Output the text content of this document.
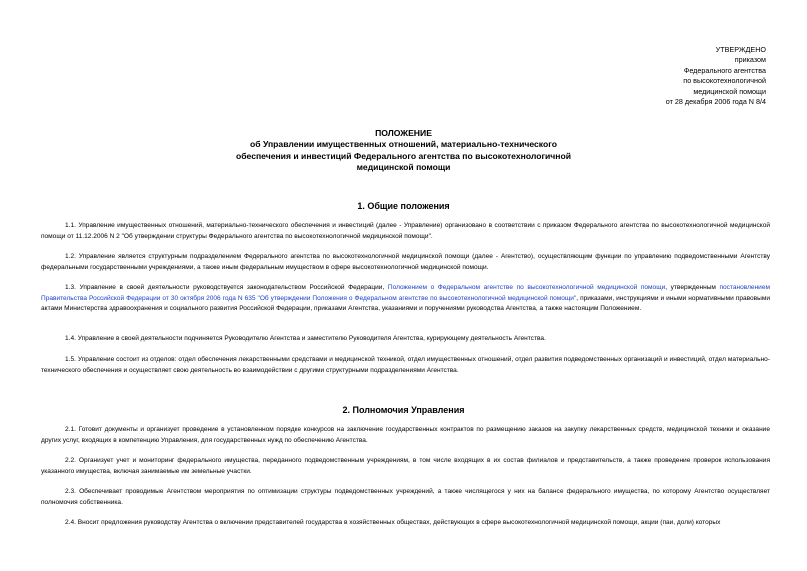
УТВЕРЖДЕНО
приказом
Федерального агентства
по высокотехнологичной
медицинской помощи
от 28 декабря 2006 года N 8/4
ПОЛОЖЕНИЕ
об Управлении имущественных отношений, материально-технического
обеспечения и инвестиций Федерального агентства по высокотехнологичной
медицинской помощи
1. Общие положения
1.1. Управление имущественных отношений, материально-технического обеспечения и инвестиций (далее - Управление) организовано в соответствии с приказом Федерального агентства по высокотехнологичной медицинской помощи от 11.12.2006 N 2 "Об утверждении структуры Федерального агентства по высокотехнологичной медицинской помощи".
1.2. Управление является структурным подразделением Федерального агентства по высокотехнологичной медицинской помощи (далее - Агентство), осуществляющим функции по управлению подведомственными Агентству федеральными государственными учреждениями, а также иным федеральным имуществом в сфере высокотехнологичной медицинской помощи.
1.3. Управление в своей деятельности руководствуется законодательством Российской Федерации, Положением о Федеральном агентстве по высокотехнологичной медицинской помощи, утвержденным постановлением Правительства Российской Федерации от 30 октября 2006 года N 635 "Об утверждении Положения о Федеральном агентстве по высокотехнологичной медицинской помощи", приказами, инструкциями и иными нормативными правовыми актами Министерства здравоохранения и социального развития Российской Федерации, приказами Агентства, указаниями и поручениями руководства Агентства, а также настоящим Положением.
1.4. Управление в своей деятельности подчиняется Руководителю Агентства и заместителю Руководителя Агентства, курирующему деятельность Агентства.
1.5. Управление состоит из отделов: отдел обеспечения лекарственными средствами и медицинской техникой, отдел имущественных отношений, отдел развития подведомственных организаций и инвестиций, отдел материально-технического обеспечения и осуществляет свою деятельность во взаимодействии с другими структурными подразделениями Агентства.
2. Полномочия Управления
2.1. Готовит документы и организует проведение в установленном порядке конкурсов на заключение государственных контрактов по размещению заказов на закупку лекарственных средств, медицинской техники и оказание других услуг, входящих в компетенцию Управления, для государственных нужд по обеспечению Агентства.
2.2. Организует учет и мониторинг федерального имущества, переданного подведомственным учреждениям, в том числе входящих в их состав филиалов и представительств, а также проведение проверок использования указанного имущества, включая занимаемые им земельные участки.
2.3. Обеспечивает проводимые Агентством мероприятия по оптимизации структуры подведомственных учреждений, а также числящегося у них на балансе федерального имущества, по которому Агентство осуществляет полномочия собственника.
2.4. Вносит предложения руководству Агентства о включении представителей государства в хозяйственных обществах, действующих в сфере высокотехнологичной медицинской помощи, акции (паи, доли) которых
